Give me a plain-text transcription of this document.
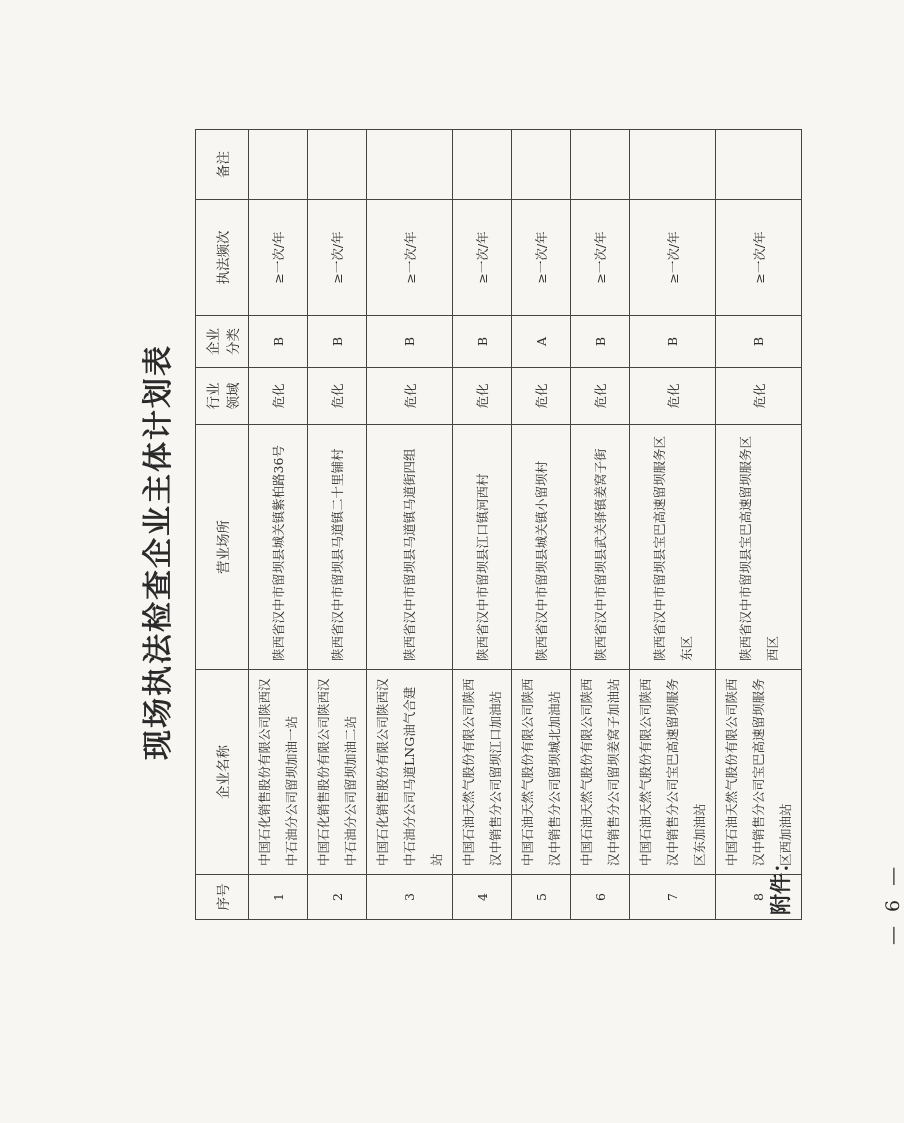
— 6 —
附件：
现场执法检查企业主体计划表
序号	企业名称	营业场所	行业领域	企业分类	执法频次	备注
1	中国石化销售股份有限公司陕西汉中石油分公司留坝加油一站	陕西省汉中市留坝县城关镇紫柏路36号	危化	B	≥一次/年	
2	中国石化销售股份有限公司陕西汉中石油分公司留坝加油二站	陕西省汉中市留坝县马道镇二十里铺村	危化	B	≥一次/年	
3	中国石化销售股份有限公司陕西汉中石油分公司马道LNG油气合建站	陕西省汉中市留坝县马道镇马道街四组	危化	B	≥一次/年	
4	中国石油天然气股份有限公司陕西汉中销售分公司留坝江口加油站	陕西省汉中市留坝县江口镇河西村	危化	B	≥一次/年	
5	中国石油天然气股份有限公司陕西汉中销售分公司留坝城北加油站	陕西省汉中市留坝县城关镇小留坝村	危化	A	≥一次/年	
6	中国石油天然气股份有限公司陕西汉中销售分公司留坝姜窝子加油站	陕西省汉中市留坝县武关驿镇姜窝子街	危化	B	≥一次/年	
7	中国石油天然气股份有限公司陕西汉中销售分公司宝巴高速留坝服务区东加油站	陕西省汉中市留坝县宝巴高速留坝服务区东区	危化	B	≥一次/年	
8	中国石油天然气股份有限公司陕西汉中销售分公司宝巴高速留坝服务区西加油站	陕西省汉中市留坝县宝巴高速留坝服务区西区	危化	B	≥一次/年	
